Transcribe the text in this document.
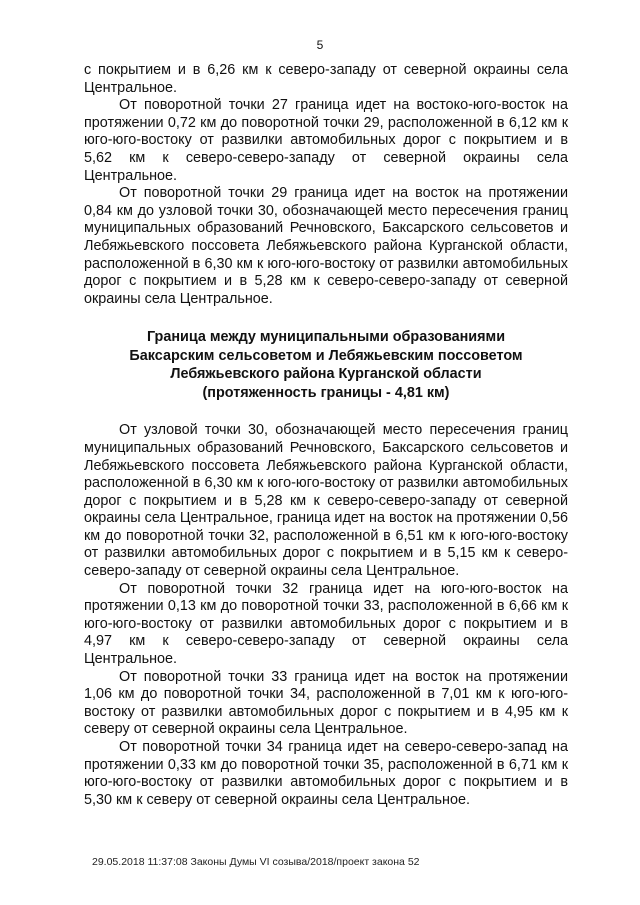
5

с покрытием и в 6,26 км к северо-западу от северной окраины села Центральное.

От поворотной точки 27 граница идет на востоко-юго-восток на протяжении 0,72 км до поворотной точки 29, расположенной в 6,12 км к юго-юго-востоку от развилки автомобильных дорог с покрытием и в 5,62 км к северо-северо-западу от северной окраины села Центральное.

От поворотной точки 29 граница идет на восток на протяжении 0,84 км до узловой точки 30, обозначающей место пересечения границ муниципальных образований Речновского, Баксарского сельсоветов и Лебяжьевского поссовета Лебяжьевского района Курганской области, расположенной в 6,30 км к юго-юго-востоку от развилки автомобильных дорог с покрытием и в 5,28 км к северо-северо-западу от северной окраины села Центральное.

Граница между муниципальными образованиями
Баксарским сельсоветом и Лебяжьевским поссоветом
Лебяжьевского района Курганской области
(протяженность границы - 4,81 км)

От узловой точки 30, обозначающей место пересечения границ муниципальных образований Речновского, Баксарского сельсоветов и Лебяжьевского поссовета Лебяжьевского района Курганской области, расположенной в 6,30 км к юго-юго-востоку от развилки автомобильных дорог с покрытием и в 5,28 км к северо-северо-западу от северной окраины села Центральное, граница идет на восток на протяжении 0,56 км до поворотной точки 32, расположенной в 6,51 км к юго-юго-востоку от развилки автомобильных дорог с покрытием и в 5,15 км к северо-северо-западу от северной окраины села Центральное.

От поворотной точки 32 граница идет на юго-юго-восток на протяжении 0,13 км до поворотной точки 33, расположенной в 6,66 км к юго-юго-востоку от развилки автомобильных дорог с покрытием и в 4,97 км к северо-северо-западу от северной окраины села Центральное.

От поворотной точки 33 граница идет на восток на протяжении 1,06 км до поворотной точки 34, расположенной в 7,01 км к юго-юго-востоку от развилки автомобильных дорог с покрытием и в 4,95 км к северу от северной окраины села Центральное.

От поворотной точки 34 граница идет на северо-северо-запад на протяжении 0,33 км до поворотной точки 35, расположенной в 6,71 км к юго-юго-востоку от развилки автомобильных дорог с покрытием и в 5,30 км к северу от северной окраины села Центральное.

29.05.2018 11:37:08 Законы Думы VI созыва/2018/проект закона 52
